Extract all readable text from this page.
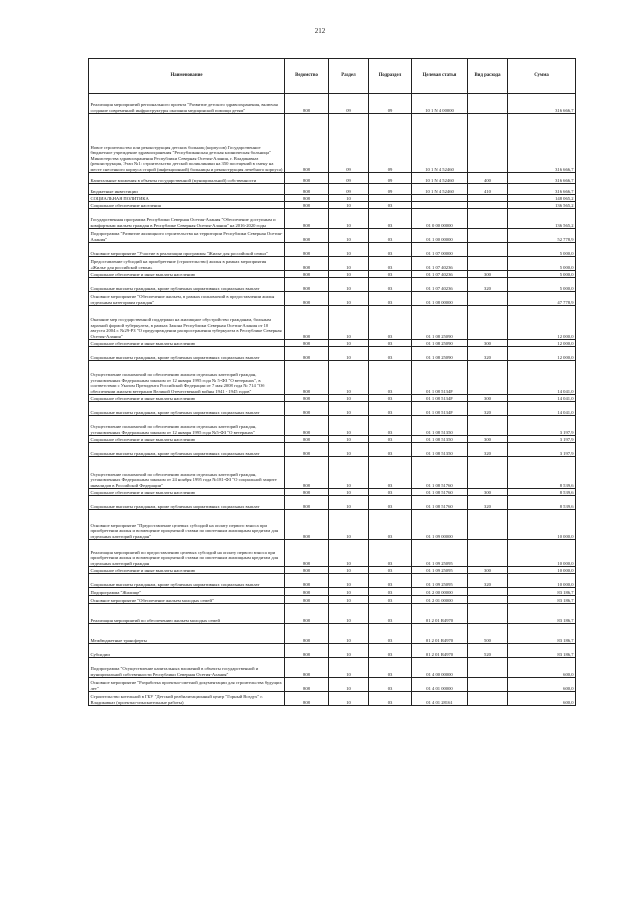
212
Наименование	Ведомство	Раздел	Подраздел	Целевая статья	Вид расхода	Сумма
Реализация мероприятий регионального проекта "Развитие детского здравоохранения, включая создание современной инфраструктуры оказания медицинской помощи детям"	808	09	09	10 1 N 4 00000		316 666,7
Новое строительство или реконструкция детских больниц (корпусов) Государственное бюджетное учреждение здравоохранения "Республиканская детская клиническая больница" Министерства здравоохранения Республики Северная Осетия-Алания, г. Владикавказ (реконструкция, Этап №1: строительство детской поликлиники на 350 посещений в смену на месте снесенного корпуса старой (инфекционной) больницы и реконструкция лечебного корпуса)	808	09	09	10 1 N 4 52460		316 666,7
Капитальные вложения в объекты государственной (муниципальной) собственности	808	09	09	10 1 N 4 52460	400	316 666,7
Бюджетные инвестиции	808	09	09	10 1 N 4 52460	410	316 666,7
СОЦИАЛЬНАЯ ПОЛИТИКА	808	10				148 065,2
Социальное обеспечение населения	808	10	03			136 565,2
Государственная программа Республики Северная Осетия-Алания "Обеспечение доступным и комфортным жильем граждан в Республике Северная Осетия-Алания" на 2016-2020 годы	808	10	03	01 0 00 00000		136 565,2
Подпрограмма "Развитие жилищного строительства на территории Республики Северная Осетия-Алания"	808	10	03	01 1 00 00000		52 778,9
Основное мероприятие "Участие в реализации программы "Жилье для российской семьи"	808	10	03	01 1 07 00000		5 000,0
Предоставление субсидий на приобретение (строительство) жилья в рамках мероприятия «Жилье для российской семьи»	808	10	03	01 1 07 40236		5 000,0
Социальное обеспечение и иные выплаты населению	808	10	03	01 1 07 40236	300	5 000,0
Социальные выплаты гражданам, кроме публичных нормативных социальных выплат	808	10	03	01 1 07 40236	320	5 000,0
Основное мероприятие "Обеспечение жильем, в рамках полномочий в предоставлении жилья отдельным категориям граждан"	808	10	03	01 1 08 00000		47 778,9
Оказание мер государственной поддержки на жилищное обустройство гражданам, больным заразной формой туберкулеза, в рамках Закона Республики Северная Осетия-Алания от 10 августа 2004 г. №29-РЗ "О предупреждении распространения туберкулеза в Республике Северная Осетия-Алания"	808	10	03	01 1 08 25090		12 000,0
Социальное обеспечение и иные выплаты населению	808	10	03	01 1 08 25090	300	12 000,0
Социальные выплаты гражданам, кроме публичных нормативных социальных выплат	808	10	03	01 1 08 25090	320	12 000,0
Осуществление полномочий по обеспечению жильем отдельных категорий граждан, установленных Федеральным законом от 12 января 1995 года № 5-ФЗ "О ветеранах", в соответствии с Указом Президента Российской Федерации от 7 мая 2008 года № 714 "Об обеспечении жильем ветеранов Великой Отечественной войны 1941 - 1945 годов"	808	10	03	01 1 08 5134F		14 041,0
Социальное обеспечение и иные выплаты населению	808	10	03	01 1 08 5134F	300	14 041,0
Социальные выплаты гражданам, кроме публичных нормативных социальных выплат	808	10	03	01 1 08 5134F	320	14 041,0
Осуществление полномочий по обеспечению жильем отдельных категорий граждан, установленных Федеральным законом от 12 января 1995 года №5-ФЗ "О ветеранах"	808	10	03	01 1 08 51350		3 197,9
Социальное обеспечение и иные выплаты населению	808	10	03	01 1 08 51350	300	3 197,9
Социальные выплаты гражданам, кроме публичных нормативных социальных выплат	808	10	03	01 1 08 51350	320	3 197,9
Осуществление полномочий по обеспечению жильем отдельных категорий граждан, установленных Федеральным законом от 24 ноября 1995 года №181-ФЗ "О социальной защите инвалидов в Российской Федерации"	808	10	03	01 1 08 51760		8 539,6
Социальное обеспечение и иные выплаты населению	808	10	03	01 1 08 51760	300	8 539,6
Социальные выплаты гражданам, кроме публичных нормативных социальных выплат	808	10	03	01 1 08 51760	320	8 539,6
Основное мероприятие "Предоставление целевых субсидий на оплату первого взноса при приобретении жилья и возмещение процентной ставки по ипотечным жилищным кредитам для отдельных категорий граждан"	808	10	03	01 1 09 00000		10 000,0
Реализация мероприятий по предоставлению целевых субсидий на оплату первого взноса при приобретении жилья и возмещение процентной ставки по ипотечным жилищным кредитам для отдельных категорий граждан	808	10	03	01 1 09 25095		10 000,0
Социальное обеспечение и иные выплаты населению	808	10	03	01 1 09 25095	300	10 000,0
Социальные выплаты гражданам, кроме публичных нормативных социальных выплат	808	10	03	01 1 09 25095	320	10 000,0
Подпрограмма "Жилище"	808	10	03	01 2 00 00000		83 186,7
Основное мероприятие "Обеспечение жильем молодых семей"	808	10	03	01 2 01 00000		83 186,7
Реализация мероприятий по обеспечению жильем молодых семей	808	10	03	01 2 01 R4970		83 186,7
Межбюджетные трансферты	808	10	03	01 2 01 R4970	500	83 186,7
Субсидии	808	10	03	01 2 01 R4970	520	83 186,7
Подпрограмма "Осуществление капитальных вложений в объекты государственной и муниципальной собственности Республики Северная Осетия-Алания"	808	10	03	01 4 00 00000		600,0
Основное мероприятие "Разработка проектно-сметной документации для строительства будущих лет"	808	10	03	01 4 01 00000		600,0
Строительство котельной в ГБУ "Детский реабилитационный центр "Горный Воздух" г. Владикавказ (проектно-изыскательные работы)	808	10	03	01 4 01 28161		600,0
